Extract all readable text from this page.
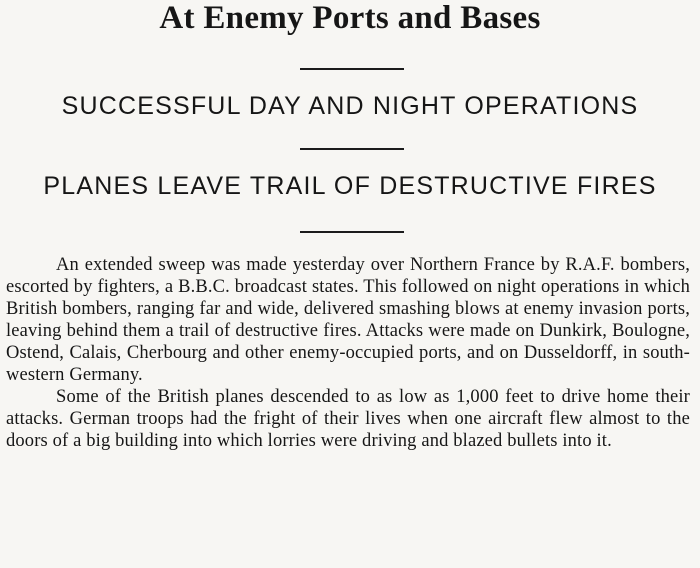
At Enemy Ports and Bases
SUCCESSFUL DAY AND NIGHT OPERATIONS
PLANES LEAVE TRAIL OF DESTRUCTIVE FIRES

An extended sweep was made yesterday over Northern France by R.A.F. bombers, escorted by fighters, a B.B.C. broadcast states. This followed on night operations in which British bombers, ranging far and wide, delivered smashing blows at enemy invasion ports, leaving behind them a trail of destructive fires. Attacks were made on Dunkirk, Boulogne, Ostend, Calais, Cherbourg and other enemy-occupied ports, and on Dusseldorff, in south-western Germany.

Some of the British planes descended to as low as 1,000 feet to drive home their attacks. German troops had the fright of their lives when one aircraft flew almost to the doors of a big building into which lorries were driving and blazed bullets into it.
